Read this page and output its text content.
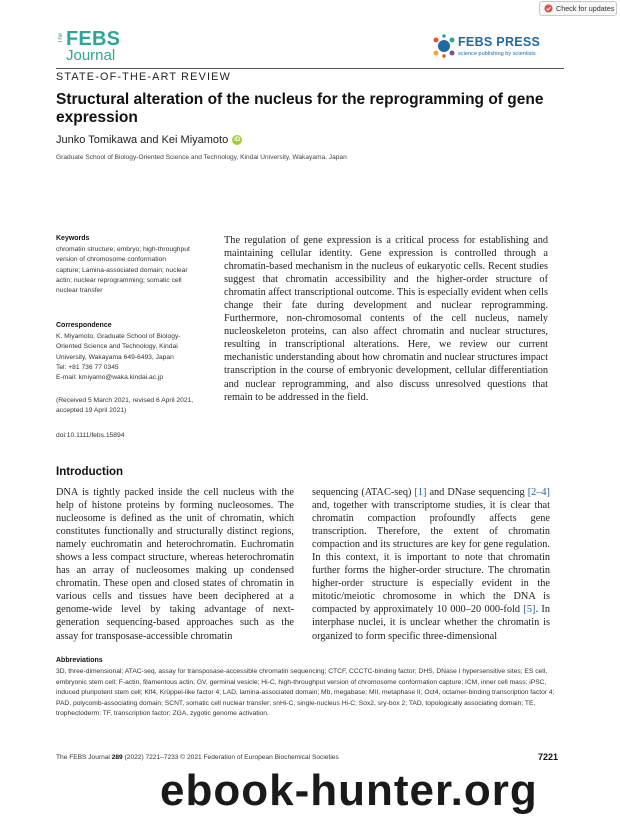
Check for updates
The FEBS
Journal
FEBS PRESS
science publishing by scientists
STATE-OF-THE-ART REVIEW
Structural alteration of the nucleus for the reprogramming of gene expression
Junko Tomikawa and Kei Miyamoto	iD
Graduate School of Biology-Oriented Science and Technology, Kindai University, Wakayama, Japan
Keywords
chromatin structure; embryo; high-throughput version of chromosome conformation capture; Lamina-associated domain; nuclear actin; nuclear reprogramming; somatic cell nuclear transfer
Correspondence
K. Miyamoto, Graduate School of Biology-Oriented Science and Technology, Kindai University, Wakayama 649-6493, Japan
Tel: +81 736 77 0345
E-mail: kmiyamo@waka.kindai.ac.jp
(Received 5 March 2021, revised 6 April 2021, accepted 19 April 2021)
doi:10.1111/febs.15894

The regulation of gene expression is a critical process for establishing and maintaining cellular identity. Gene expression is controlled through a chromatin-based mechanism in the nucleus of eukaryotic cells. Recent studies suggest that chromatin accessibility and the higher-order structure of chromatin affect transcriptional outcome. This is especially evident when cells change their fate during development and nuclear reprogramming. Furthermore, non-chromosomal contents of the cell nucleus, namely nucleoskeleton proteins, can also affect chromatin and nuclear structures, resulting in transcriptional alterations. Here, we review our current mechanistic understanding about how chromatin and nuclear structures impact transcription in the course of embryonic development, cellular differentiation and nuclear reprogramming, and also discuss unresolved questions that remain to be addressed in the field.

Introduction

DNA is tightly packed inside the cell nucleus with the help of histone proteins by forming nucleosomes. The nucleosome is defined as the unit of chromatin, which constitutes functionally and structurally distinct regions, namely euchromatin and heterochromatin. Euchromatin shows a less compact structure, whereas heterochromatin has an array of nucleosomes making up condensed chromatin. These open and closed states of chromatin in various cells and tissues have been deciphered at a genome-wide level by taking advantage of next-generation sequencing-based approaches such as the assay for transposase-accessible chromatin

sequencing (ATAC-seq) [1] and DNase sequencing [2–4] and, together with transcriptome studies, it is clear that chromatin compaction profoundly affects gene transcription. Therefore, the extent of chromatin compaction and its structures are key for gene regulation. In this context, it is important to note that chromatin further forms the higher-order structure. The chromatin higher-order structure is especially evident in the mitotic/meiotic chromosome in which the DNA is compacted by approximately 10 000–20 000-fold [5]. In interphase nuclei, it is unclear whether the chromatin is organized to form specific three-dimensional

Abbreviations

3D, three-dimensional; ATAC-seq, assay for transposase-accessible chromatin sequencing; CTCF, CCCTC-binding factor; DHS, DNase I hypersensitive sites; ES cell, embryonic stem cell; F-actin, filamentous actin; GV, germinal vesicle; Hi-C, high-throughput version of chromosome conformation capture; ICM, inner cell mass; iPSC, induced pluripotent stem cell; Klf4, Krüppel-like factor 4; LAD, lamina-associated domain; Mb, megabase; MII, metaphase II; Oct4, octamer-binding transcription factor 4; PAD, polycomb-associating domain; SCNT, somatic cell nuclear transfer; snHi-C, single-nucleus Hi-C; Sox2, sry-box 2; TAD, topologically associating domain; TE, trophectoderm; TF, transcription factor; ZGA, zygotic genome activation.

The FEBS Journal 289 (2022) 7221–7233 © 2021 Federation of European Biochemical Societies	7221
ebook-hunter.org
